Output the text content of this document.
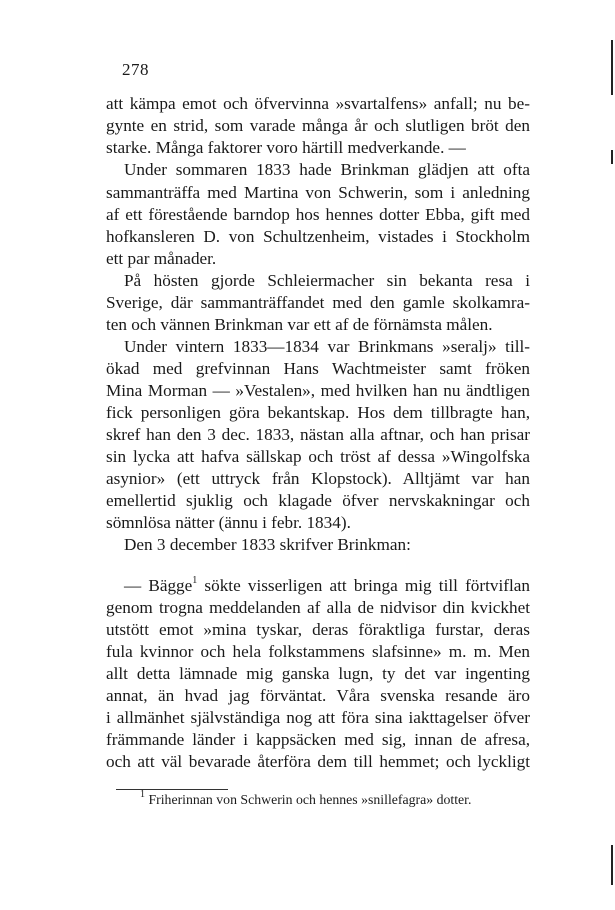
278
att kämpa emot och öfvervinna »svartalfens» anfall; nu be-
gynte en strid, som varade många år och slutligen bröt den
starke. Många faktorer voro härtill medverkande. —
Under sommaren 1833 hade Brinkman glädjen att ofta
sammanträffa med Martina von Schwerin, som i anledning
af ett förestående barndop hos hennes dotter Ebba, gift med
hofkansleren D. von Schultzenheim, vistades i Stockholm
ett par månader.
På hösten gjorde Schleiermacher sin bekanta resa i
Sverige, där sammanträffandet med den gamle skolkamra-
ten och vännen Brinkman var ett af de förnämsta målen.
Under vintern 1833—1834 var Brinkmans »seralj» till-
ökad med grefvinnan Hans Wachtmeister samt fröken
Mina Morman — »Vestalen», med hvilken han nu ändtligen
fick personligen göra bekantskap. Hos dem tillbragte han,
skref han den 3 dec. 1833, nästan alla aftnar, och han prisar
sin lycka att hafva sällskap och tröst af dessa »Wingolfska
asynior» (ett uttryck från Klopstock). Alltjämt var han
emellertid sjuklig och klagade öfver nervskakningar och
sömnlösa nätter (ännu i febr. 1834).
Den 3 december 1833 skrifver Brinkman:
— Bägge$^1$ sökte visserligen att bringa mig till förtviflan
genom trogna meddelanden af alla de nidvisor din kvickhet
utstött emot »mina tyskar, deras föraktliga furstar, deras
fula kvinnor och hela folkstammens slafsinne» m. m. Men
allt detta lämnade mig ganska lugn, ty det var ingenting
annat, än hvad jag förväntat. Våra svenska resande äro
i allmänhet självständiga nog att föra sina iakttagelser öfver
främmande länder i kappsäcken med sig, innan de afresa,
och att väl bevarade återföra dem till hemmet; och lyckligt
$^1$ Friherinnan von Schwerin och hennes »snillefagra» dotter.
